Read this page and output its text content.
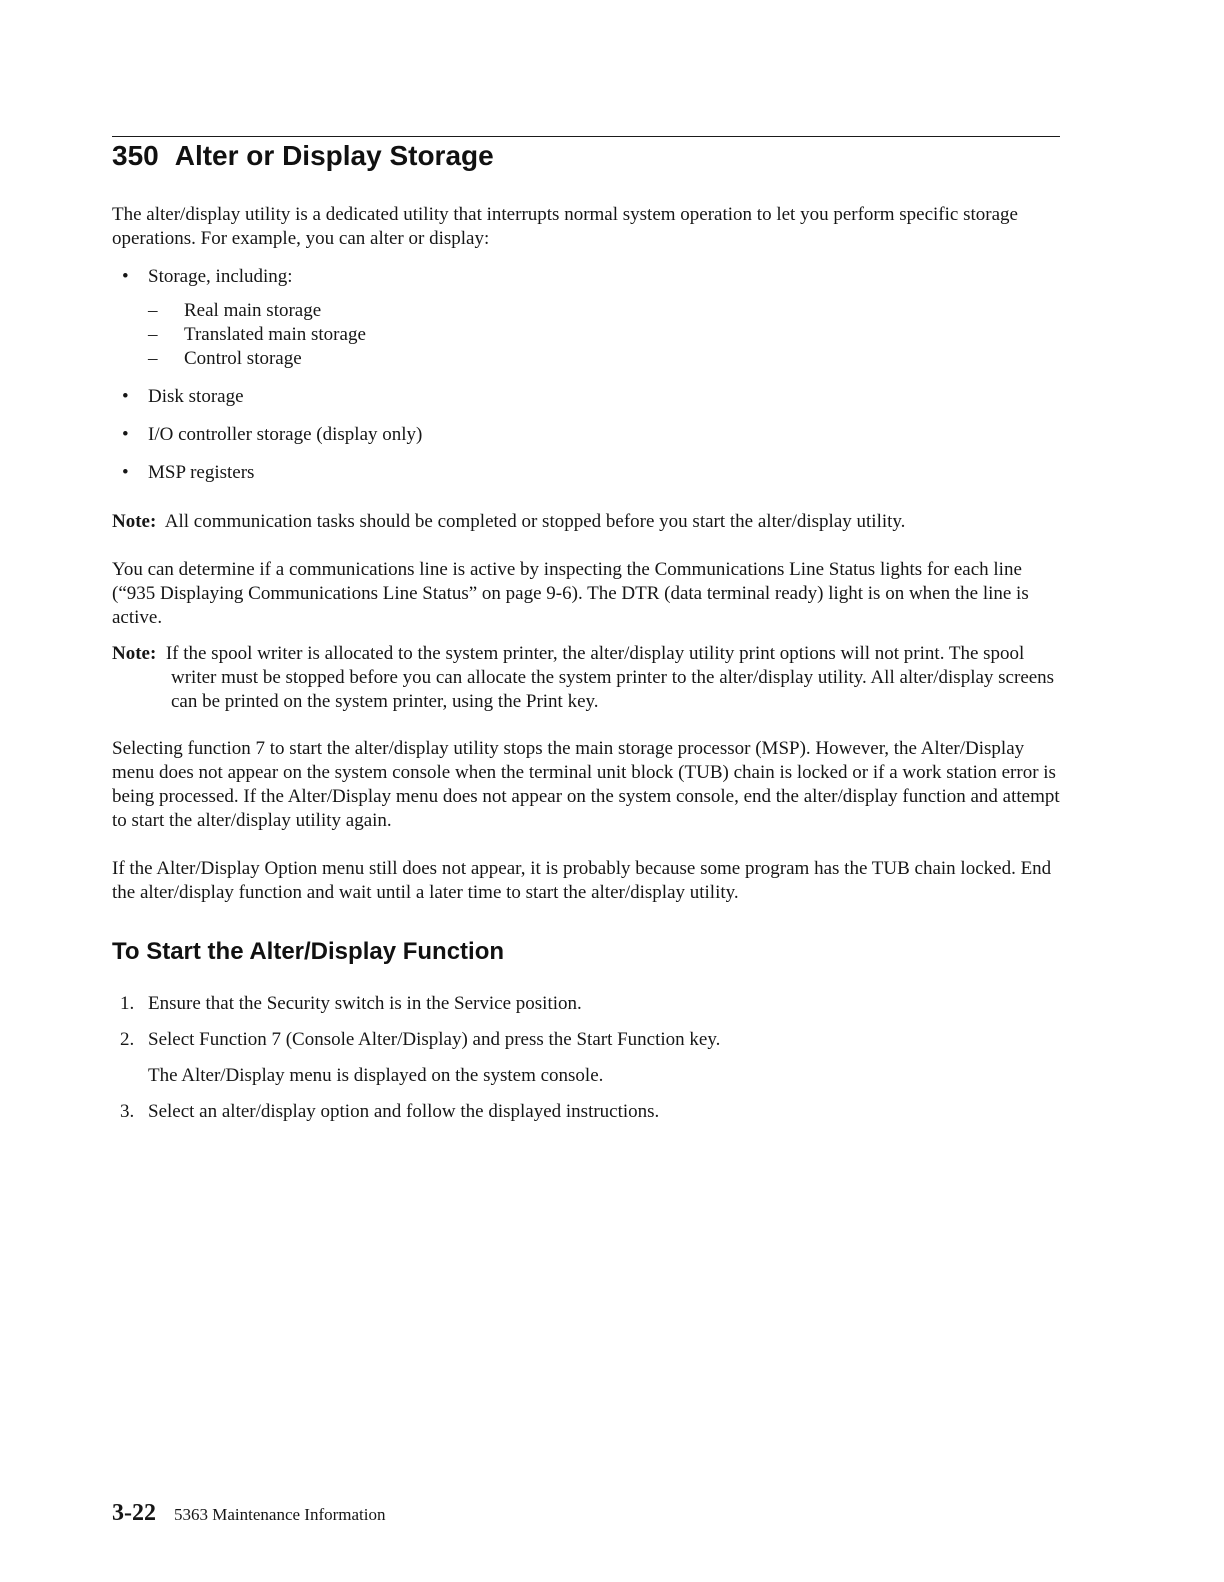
350 Alter or Display Storage

The alter/display utility is a dedicated utility that interrupts normal system operation to let you perform specific storage operations. For example, you can alter or display:

• Storage, including:
– Real main storage
– Translated main storage
– Control storage
• Disk storage
• I/O controller storage (display only)
• MSP registers

Note: All communication tasks should be completed or stopped before you start the alter/display utility.

You can determine if a communications line is active by inspecting the Communications Line Status lights for each line (“935 Displaying Communications Line Status” on page 9-6). The DTR (data terminal ready) light is on when the line is active.

Note: If the spool writer is allocated to the system printer, the alter/display utility print options will not print. The spool writer must be stopped before you can allocate the system printer to the alter/display utility. All alter/display screens can be printed on the system printer, using the Print key.

Selecting function 7 to start the alter/display utility stops the main storage processor (MSP). However, the Alter/Display menu does not appear on the system console when the terminal unit block (TUB) chain is locked or if a work station error is being processed. If the Alter/Display menu does not appear on the system console, end the alter/display function and attempt to start the alter/display utility again.

If the Alter/Display Option menu still does not appear, it is probably because some program has the TUB chain locked. End the alter/display function and wait until a later time to start the alter/display utility.

To Start the Alter/Display Function
1. Ensure that the Security switch is in the Service position.
2. Select Function 7 (Console Alter/Display) and press the Start Function key.
The Alter/Display menu is displayed on the system console.
3. Select an alter/display option and follow the displayed instructions.

3-22 5363 Maintenance Information
